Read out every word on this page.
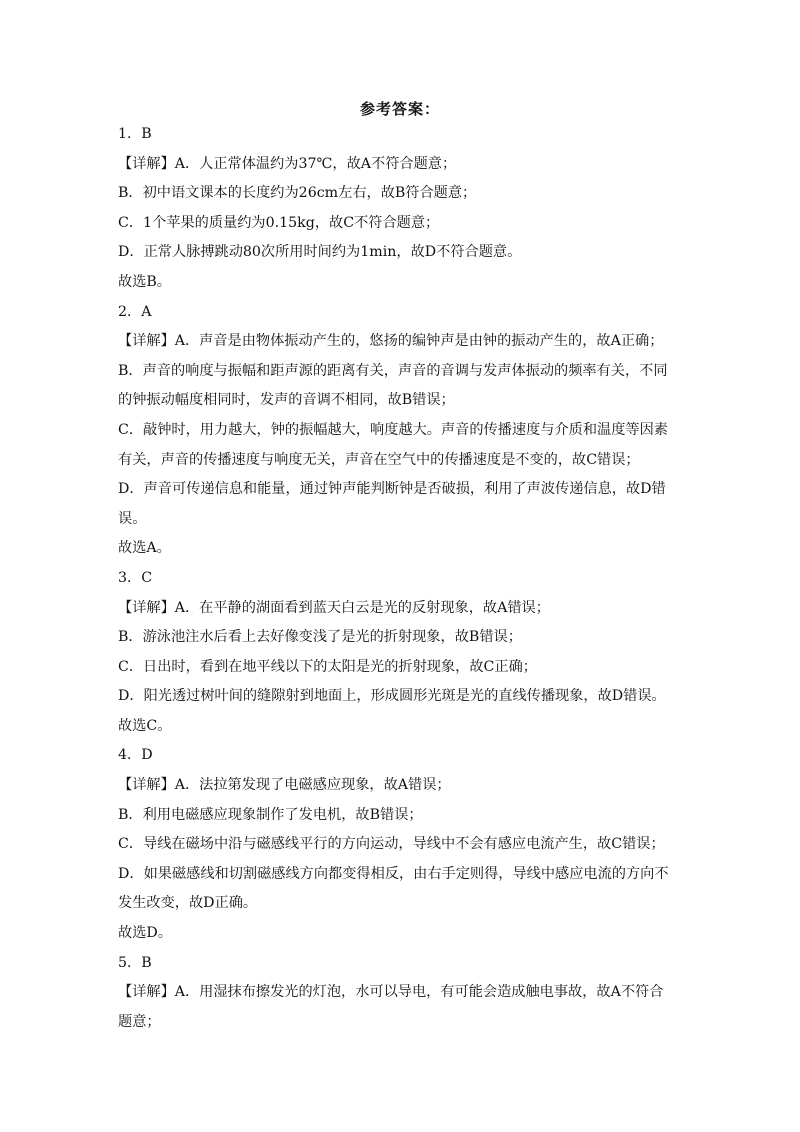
参考答案：
1．B
【详解】A．人正常体温约为37℃，故A不符合题意；
B．初中语文课本的长度约为26cm左右，故B符合题意；
C．1个苹果的质量约为0.15kg，故C不符合题意；
D．正常人脉搏跳动80次所用时间约为1min，故D不符合题意。
故选B。
2．A
【详解】A．声音是由物体振动产生的，悠扬的编钟声是由钟的振动产生的，故A正确；
B．声音的响度与振幅和距声源的距离有关，声音的音调与发声体振动的频率有关，不同
的钟振动幅度相同时，发声的音调不相同，故B错误；
C．敲钟时，用力越大，钟的振幅越大，响度越大。声音的传播速度与介质和温度等因素
有关，声音的传播速度与响度无关，声音在空气中的传播速度是不变的，故C错误；
D．声音可传递信息和能量，通过钟声能判断钟是否破损，利用了声波传递信息，故D错
误。
故选A。
3．C
【详解】A．在平静的湖面看到蓝天白云是光的反射现象，故A错误；
B．游泳池注水后看上去好像变浅了是光的折射现象，故B错误；
C．日出时，看到在地平线以下的太阳是光的折射现象，故C正确；
D．阳光透过树叶间的缝隙射到地面上，形成圆形光斑是光的直线传播现象，故D错误。
故选C。
4．D
【详解】A．法拉第发现了电磁感应现象，故A错误；
B．利用电磁感应现象制作了发电机，故B错误；
C．导线在磁场中沿与磁感线平行的方向运动，导线中不会有感应电流产生，故C错误；
D．如果磁感线和切割磁感线方向都变得相反，由右手定则得，导线中感应电流的方向不
发生改变，故D正确。
故选D。
5．B
【详解】A．用湿抹布擦发光的灯泡，水可以导电，有可能会造成触电事故，故A不符合
题意；
